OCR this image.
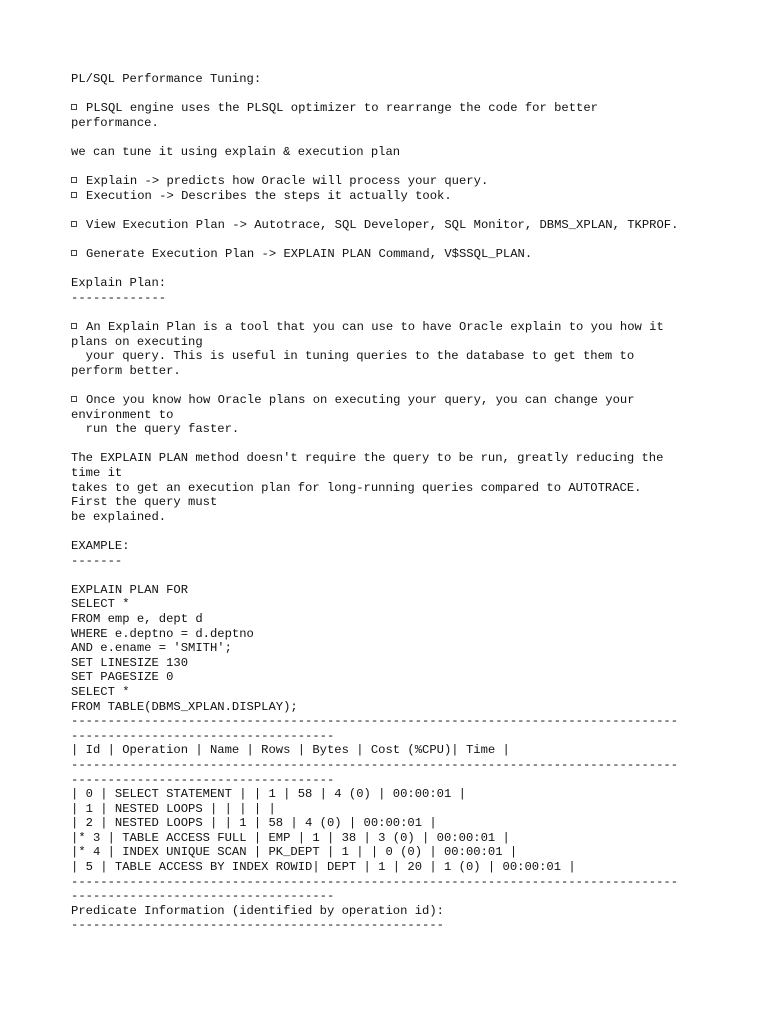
PL/SQL Performance Tuning:
PLSQL engine uses the PLSQL optimizer to rearrange the code for better
performance.
we can tune it using explain & execution plan
Explain -> predicts how Oracle will process your query.
Execution -> Describes the steps it actually took.
View Execution Plan -> Autotrace, SQL Developer, SQL Monitor, DBMS_XPLAN, TKPROF.
Generate Execution Plan -> EXPLAIN PLAN Command, V$SSQL_PLAN.
Explain Plan:
-------------
An Explain Plan is a tool that you can use to have Oracle explain to you how it
plans on executing
your query. This is useful in tuning queries to the database to get them to
perform better.
Once you know how Oracle plans on executing your query, you can change your
environment to
run the query faster.
The EXPLAIN PLAN method doesn't require the query to be run, greatly reducing the
time it
takes to get an execution plan for long-running queries compared to AUTOTRACE.
First the query must
be explained.
EXAMPLE:
-------
EXPLAIN PLAN FOR
SELECT *
FROM emp e, dept d
WHERE e.deptno = d.deptno
AND e.ename = 'SMITH';
SET LINESIZE 130
SET PAGESIZE 0
SELECT *
FROM TABLE(DBMS_XPLAN.DISPLAY);
-----------------------------------------------------------------------------------
------------------------------------
| Id | Operation | Name | Rows | Bytes | Cost (%CPU)| Time |
-----------------------------------------------------------------------------------
------------------------------------
| 0 | SELECT STATEMENT | | 1 | 58 | 4 (0) | 00:00:01 |
| 1 | NESTED LOOPS | | | | |
| 2 | NESTED LOOPS | | 1 | 58 | 4 (0) | 00:00:01 |
|* 3 | TABLE ACCESS FULL | EMP | 1 | 38 | 3 (0) | 00:00:01 |
|* 4 | INDEX UNIQUE SCAN | PK_DEPT | 1 | | 0 (0) | 00:00:01 |
| 5 | TABLE ACCESS BY INDEX ROWID| DEPT | 1 | 20 | 1 (0) | 00:00:01 |
-----------------------------------------------------------------------------------
------------------------------------
Predicate Information (identified by operation id):
---------------------------------------------------
